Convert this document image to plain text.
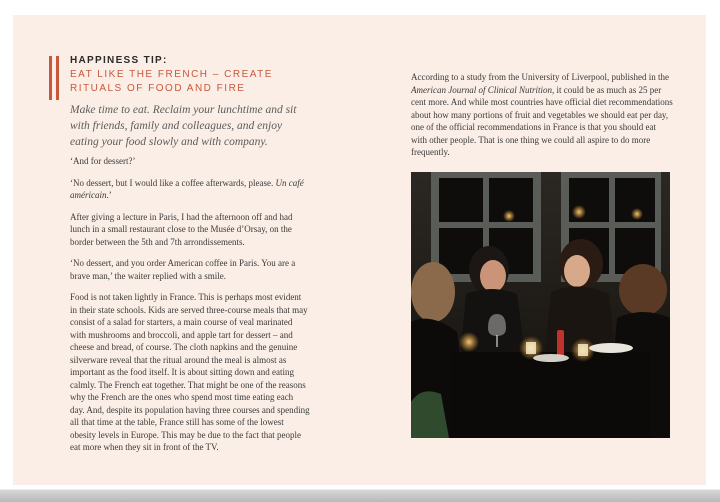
HAPPINESS TIP:
EAT LIKE THE FRENCH – CREATE RITUALS OF FOOD AND FIRE
Make time to eat. Reclaim your lunchtime and sit with friends, family and colleagues, and enjoy eating your food slowly and with company.

‘And for dessert?’

‘No dessert, but I would like a coffee afterwards, please. Un café américain.’

After giving a lecture in Paris, I had the afternoon off and had lunch in a small restaurant close to the Musée d’Orsay, on the border between the 5th and 7th arrondissements.

‘No dessert, and you order American coffee in Paris. You are a brave man,’ the waiter replied with a smile.

Food is not taken lightly in France. This is perhaps most evident in their state schools. Kids are served three-course meals that may consist of a salad for starters, a main course of veal marinated with mushrooms and broccoli, and apple tart for dessert – and cheese and bread, of course. The cloth napkins and the genuine silverware reveal that the ritual around the meal is almost as important as the food itself. It is about sitting down and eating calmly. The French eat together. That might be one of the reasons why the French are the ones who spend most time eating each day. And, despite its population having three courses and spending all that time at the table, France still has some of the lowest obesity levels in Europe. This may be due to the fact that people eat more when they sit in front of the TV.

According to a study from the University of Liverpool, published in the American Journal of Clinical Nutrition, it could be as much as 25 per cent more. And while most countries have official diet recommendations about how many portions of fruit and vegetables we should eat per day, one of the official recommendations in France is that you should eat with other people. That is one thing we could all aspire to do more frequently.
